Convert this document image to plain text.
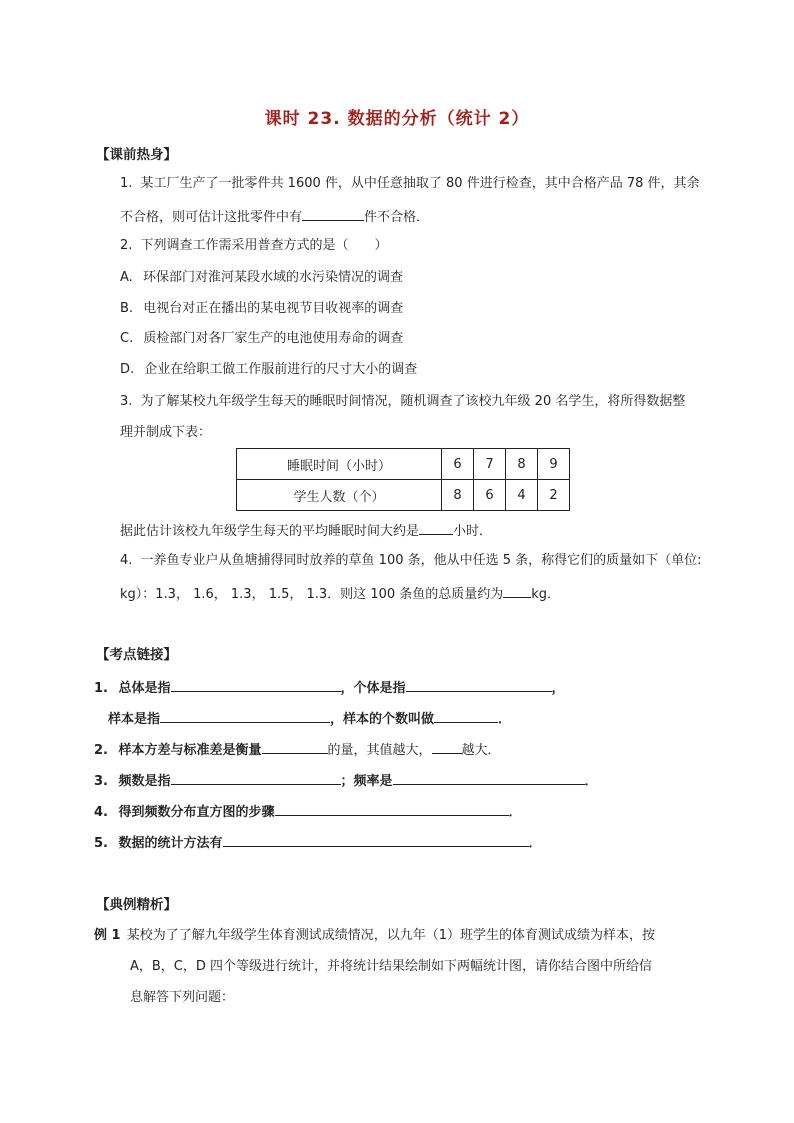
课时 23. 数据的分析（统计 2）
【课前热身】
1. 某工厂生产了一批零件共 1600 件，从中任意抽取了 80 件进行检查，其中合格产品 78 件，其余
不合格，则可估计这批零件中有	件不合格．
2. 下列调查工作需采用普查方式的是（　　）
A. 环保部门对淮河某段水域的水污染情况的调查
B. 电视台对正在播出的某电视节目收视率的调查
C. 质检部门对各厂家生产的电池使用寿命的调查
D. 企业在给职工做工作服前进行的尺寸大小的调查
3. 为了解某校九年级学生每天的睡眠时间情况，随机调查了该校九年级 20 名学生，将所得数据整
理并制成下表：
睡眠时间（小时）	6	7	8	9
学生人数（个）	8	6	4	2
据此估计该校九年级学生每天的平均睡眠时间大约是	小时．
4. 一养鱼专业户从鱼塘捕得同时放养的草鱼 100 条，他从中任选 5 条，称得它们的质量如下（单位:
kg）：1.3， 1.6， 1.3， 1.5， 1.3．则这 100 条鱼的总质量约为 kg．
【考点链接】
1. 总体是指	，个体是指	，
样本是指	，样本的个数叫做	．
2. 样本方差与标准差是衡量	的量，其值越大， 越大．
3. 频数是指	；频率是	．
4. 得到频数分布直方图的步骤	．
5. 数据的统计方法有	．
【典例精析】
例 1 某校为了了解九年级学生体育测试成绩情况，以九年（1）班学生的体育测试成绩为样本，按
A，B，C，D 四个等级进行统计，并将统计结果绘制如下两幅统计图，请你结合图中所给信
息解答下列问题：
